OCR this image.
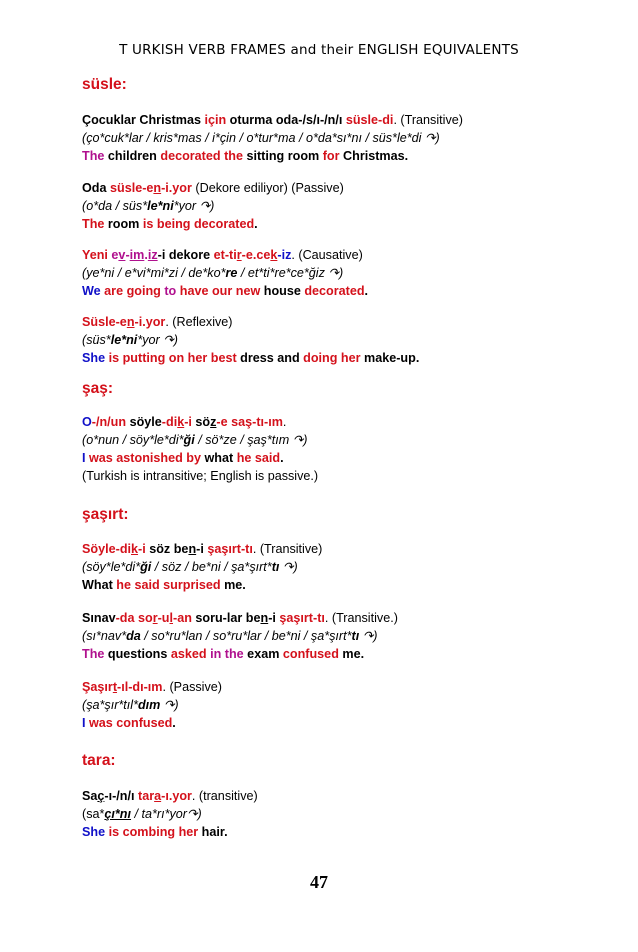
T URKISH VERB FRAMES and their ENGLISH EQUIVALENTS
süsle:
Çocuklar Christmas için oturma oda-/s/ı-/n/ı süsle-di. (Transitive)
(ço*cuk*lar / kris*mas / i*çin / o*tur*ma / o*da*sı*nı / süs*le*di ↷)
The children decorated the sitting room for Christmas.
Oda süsle-en-i.yor (Dekore ediliyor) (Passive)
(o*da / süs*le*ni*yor ↷)
The room is being decorated.
Yeni ev-im.iz-i dekore et-tir-e.cek-iz. (Causative)
(ye*ni / e*vi*mi*zi / de*ko*re / et*ti*re*ce*ğiz ↷)
We are going to have our new house decorated.
Süsle-en-i.yor. (Reflexive)
(süs*le*ni*yor ↷)
She is putting on her best dress and doing her make-up.
şaş:
O-/n/un söyle-dik-i söz-e saş-tı-ım.
(o*nun / söy*le*di*ği / sö*ze / şaş*tım ↷)
I was astonished by what he said.
(Turkish is intransitive; English is passive.)
şaşırt:
Söyle-dik-i söz ben-i şaşırt-tı. (Transitive)
(söy*le*di*ği / söz / be*ni / şa*şırt*tı ↷)
What he said surprised me.
Sınav-da sor-ul-an soru-lar ben-i şaşırt-tı. (Transitive.)
(sı*nav*da / so*ru*lan / so*ru*lar / be*ni / şa*şırt*tı ↷)
The questions asked in the exam confused me.
Şaşırt-ıl-dı-ım. (Passive)
(şa*şır*tıl*dım ↷)
I was confused.
tara:
Saç-ı-/n/ı tara-ı.yor. (transitive)
(sa*çı*nı / ta*rı*yor↷)
She is combing her hair.
47
